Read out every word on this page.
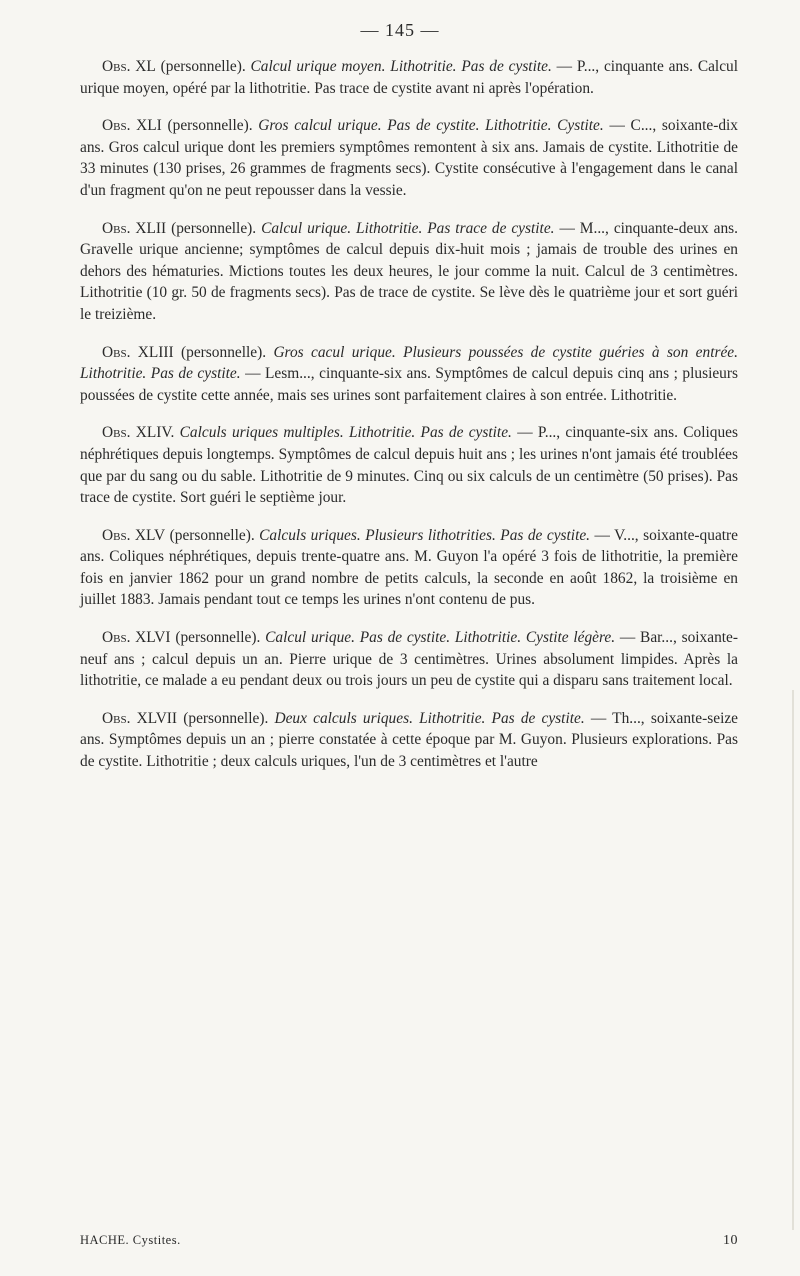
— 145 —

Obs. XL (personnelle). Calcul urique moyen. Lithotritie. Pas de cystite. — P..., cinquante ans. Calcul urique moyen, opéré par la lithotritie. Pas trace de cystite avant ni après l'opération.

Obs. XLI (personnelle). Gros calcul urique. Pas de cystite. Lithotritie. Cystite. — C..., soixante-dix ans. Gros calcul urique dont les premiers symptômes remontent à six ans. Jamais de cystite. Lithotritie de 33 minutes (130 prises, 26 grammes de fragments secs). Cystite consécutive à l'engagement dans le canal d'un fragment qu'on ne peut repousser dans la vessie.

Obs. XLII (personnelle). Calcul urique. Lithotritie. Pas trace de cystite. — M..., cinquante-deux ans. Gravelle urique ancienne; symptômes de calcul depuis dix-huit mois ; jamais de trouble des urines en dehors des hématuries. Mictions toutes les deux heures, le jour comme la nuit. Calcul de 3 centimètres. Lithotritie (10 gr. 50 de fragments secs). Pas de trace de cystite. Se lève dès le quatrième jour et sort guéri le treizième.

Obs. XLIII (personnelle). Gros cacul urique. Plusieurs poussées de cystite guéries à son entrée. Lithotritie. Pas de cystite. — Lesm..., cinquante-six ans. Symptômes de calcul depuis cinq ans ; plusieurs poussées de cystite cette année, mais ses urines sont parfaitement claires à son entrée. Lithotritie.

Obs. XLIV. Calculs uriques multiples. Lithotritie. Pas de cystite. — P..., cinquante-six ans. Coliques néphrétiques depuis longtemps. Symptômes de calcul depuis huit ans ; les urines n'ont jamais été troublées que par du sang ou du sable. Lithotritie de 9 minutes. Cinq ou six calculs de un centimètre (50 prises). Pas trace de cystite. Sort guéri le septième jour.

Obs. XLV (personnelle). Calculs uriques. Plusieurs lithotrities. Pas de cystite. — V..., soixante-quatre ans. Coliques néphrétiques, depuis trente-quatre ans. M. Guyon l'a opéré 3 fois de lithotritie, la première fois en janvier 1862 pour un grand nombre de petits calculs, la seconde en août 1862, la troisième en juillet 1883. Jamais pendant tout ce temps les urines n'ont contenu de pus.

Obs. XLVI (personnelle). Calcul urique. Pas de cystite. Lithotritie. Cystite légère. — Bar..., soixante-neuf ans ; calcul depuis un an. Pierre urique de 3 centimètres. Urines absolument limpides. Après la lithotritie, ce malade a eu pendant deux ou trois jours un peu de cystite qui a disparu sans traitement local.

Obs. XLVII (personnelle). Deux calculs uriques. Lithotritie. Pas de cystite. — Th..., soixante-seize ans. Symptômes depuis un an ; pierre constatée à cette époque par M. Guyon. Plusieurs explorations. Pas de cystite. Lithotritie ; deux calculs uriques, l'un de 3 centimètres et l'autre

HACHE. Cystites.	10
